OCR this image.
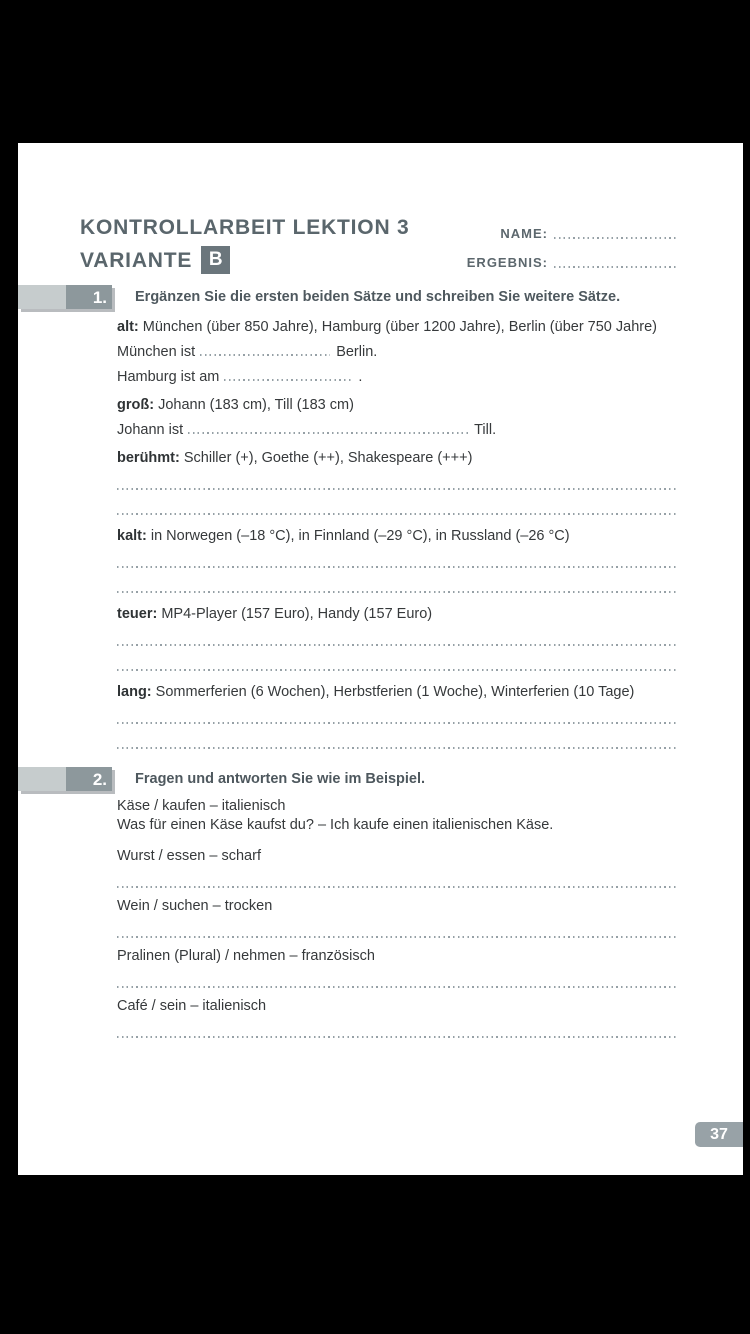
KONTROLLARBEIT LEKTION 3
VARIANTE B
NAME:
ERGEBNIS:
1.	Ergänzen Sie die ersten beiden Sätze und schreiben Sie weitere Sätze.

alt: München (über 850 Jahre), Hamburg (über 1200 Jahre), Berlin (über 750 Jahre)

München ist	Berlin.

Hamburg ist am	.

groß: Johann (183 cm), Till (183 cm)

Johann ist	Till.

berühmt: Schiller (+), Goethe (++), Shakespeare (+++)

kalt: in Norwegen (–18 °C), in Finnland (–29 °C), in Russland (–26 °C)

teuer: MP4-Player (157 Euro), Handy (157 Euro)

lang: Sommerferien (6 Wochen), Herbstferien (1 Woche), Winterferien (10 Tage)

2.	Fragen und antworten Sie wie im Beispiel.

Käse / kaufen – italienisch

Was für einen Käse kaufst du? – Ich kaufe einen italienischen Käse.

Wurst / essen – scharf

Wein / suchen – trocken

Pralinen (Plural) / nehmen – französisch

Café / sein – italienisch

37
